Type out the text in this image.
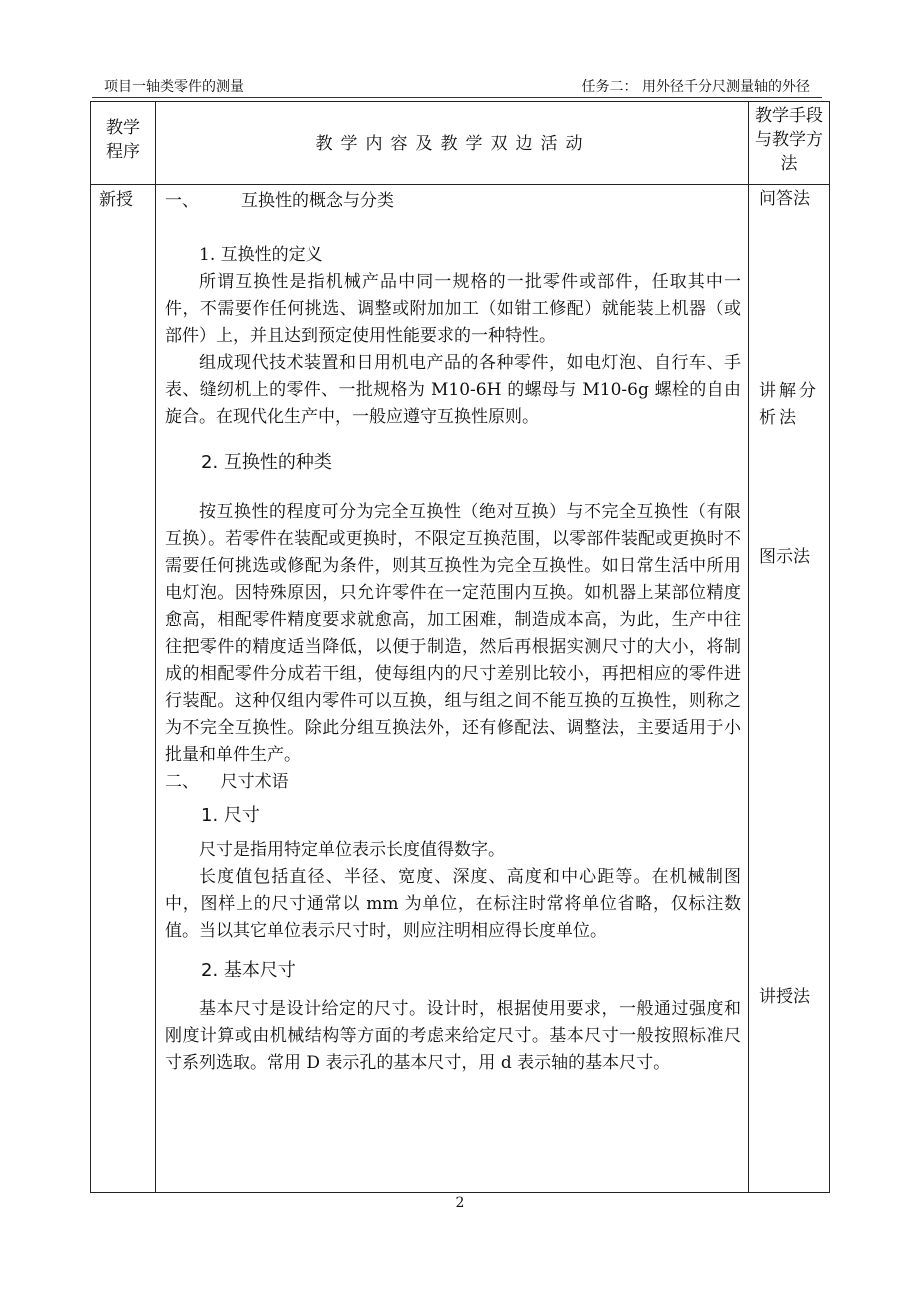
项目一轴类零件的测量	任务二： 用外径千分尺测量轴的外径
教学程序	教学内容及教学双边活动
教学手段与教学方法
新授 一、 互换性的概念与分类

1. 互换性的定义

所谓互换性是指机械产品中同一规格的一批零件或部件，任取其中一件，不需要作任何挑选、调整或附加加工（如钳工修配）就能装上机器（或部件）上，并且达到预定使用性能要求的一种特性。

组成现代技术装置和日用机电产品的各种零件，如电灯泡、自行车、手表、缝纫机上的零件、一批规格为 M10-6H 的螺母与 M10-6g 螺栓的自由旋合。在现代化生产中，一般应遵守互换性原则。

2. 互换性的种类

按互换性的程度可分为完全互换性（绝对互换）与不完全互换性（有限互换）。若零件在装配或更换时，不限定互换范围，以零部件装配或更换时不需要任何挑选或修配为条件，则其互换性为完全互换性。如日常生活中所用电灯泡。因特殊原因，只允许零件在一定范围内互换。如机器上某部位精度愈高，相配零件精度要求就愈高，加工困难，制造成本高，为此，生产中往往把零件的精度适当降低，以便于制造，然后再根据实测尺寸的大小，将制成的相配零件分成若干组，使每组内的尺寸差别比较小，再把相应的零件进行装配。这种仅组内零件可以互换，组与组之间不能互换的互换性，则称之为不完全互换性。除此分组互换法外，还有修配法、调整法，主要适用于小批量和单件生产。

二、 尺寸术语

1. 尺寸

尺寸是指用特定单位表示长度值得数字。

长度值包括直径、半径、宽度、深度、高度和中心距等。在机械制图中，图样上的尺寸通常以 mm 为单位，在标注时常将单位省略，仅标注数值。当以其它单位表示尺寸时，则应注明相应得长度单位。

2. 基本尺寸

基本尺寸是设计给定的尺寸。设计时，根据使用要求，一般通过强度和刚度计算或由机械结构等方面的考虑来给定尺寸。基本尺寸一般按照标准尺寸系列选取。常用 D 表示孔的基本尺寸，用 d 表示轴的基本尺寸。

问答法
讲解分析法
图示法
讲授法
2
